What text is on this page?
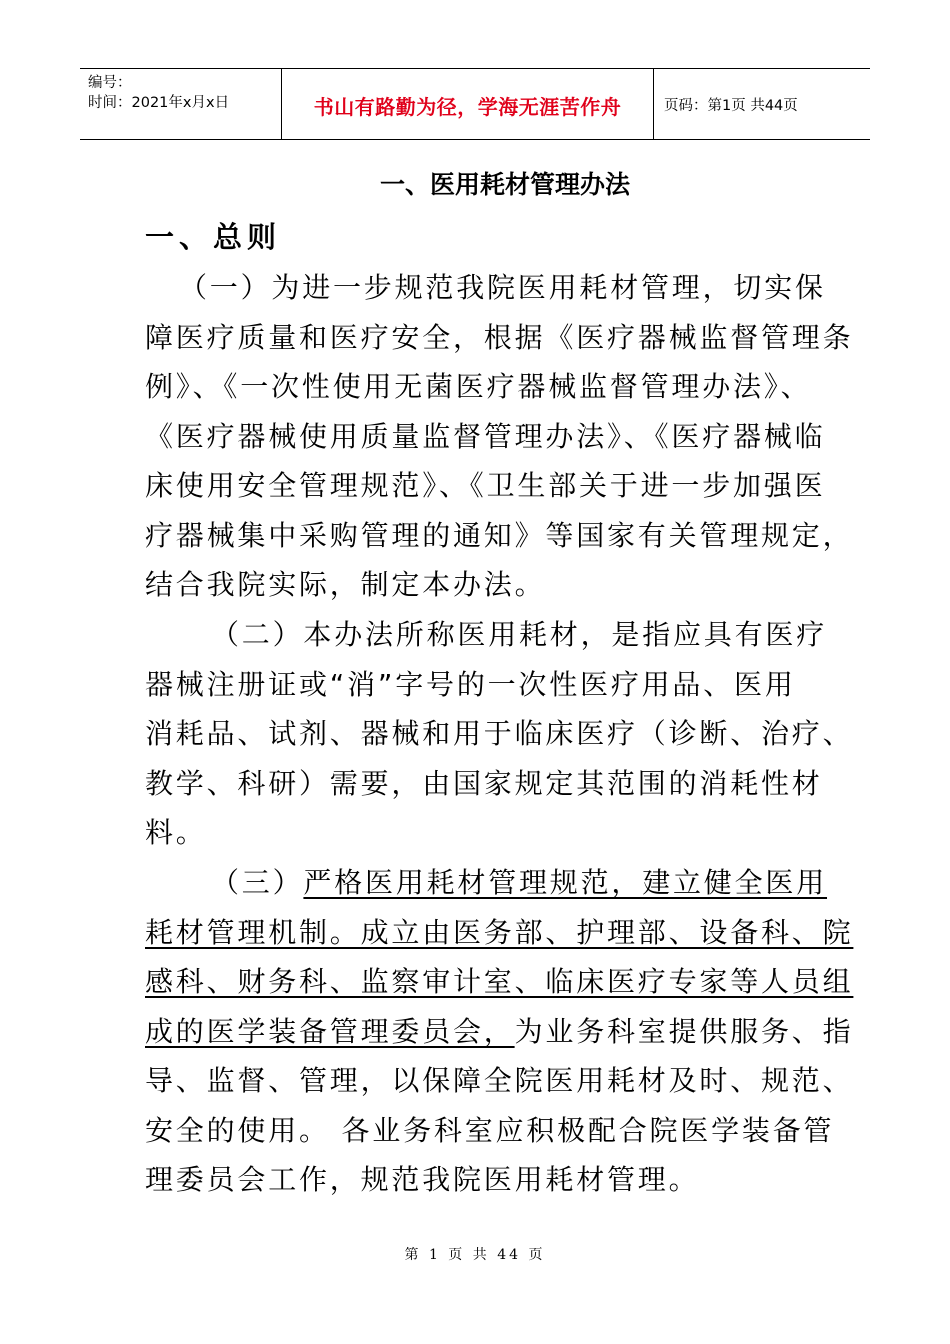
编号：
时间：2021年x月x日	书山有路勤为径，学海无涯苦作舟	页码：第1页 共44页
一、医用耗材管理办法
一、总则
（一）为进一步规范我院医用耗材管理，切实保
障医疗质量和医疗安全，根据《医疗器械监督管理条
例》、《一次性使用无菌医疗器械监督管理办法》、
《医疗器械使用质量监督管理办法》、《医疗器械临
床使用安全管理规范》、《卫生部关于进一步加强医
疗器械集中采购管理的通知》等国家有关管理规定，
结合我院实际，制定本办法。
（二）本办法所称医用耗材，是指应具有医疗
器械注册证或“消”字号的一次性医疗用品、医用
消耗品、试剂、器械和用于临床医疗（诊断、治疗、
教学、科研）需要，由国家规定其范围的消耗性材
料。
（三）严格医用耗材管理规范，建立健全医用
耗材管理机制。成立由医务部、护理部、设备科、院
感科、财务科、监察审计室、临床医疗专家等人员组
成的医学装备管理委员会，为业务科室提供服务、指
导、监督、管理，以保障全院医用耗材及时、规范、
安全的使用。 各业务科室应积极配合院医学装备管
理委员会工作，规范我院医用耗材管理。
第 1 页 共 44 页
